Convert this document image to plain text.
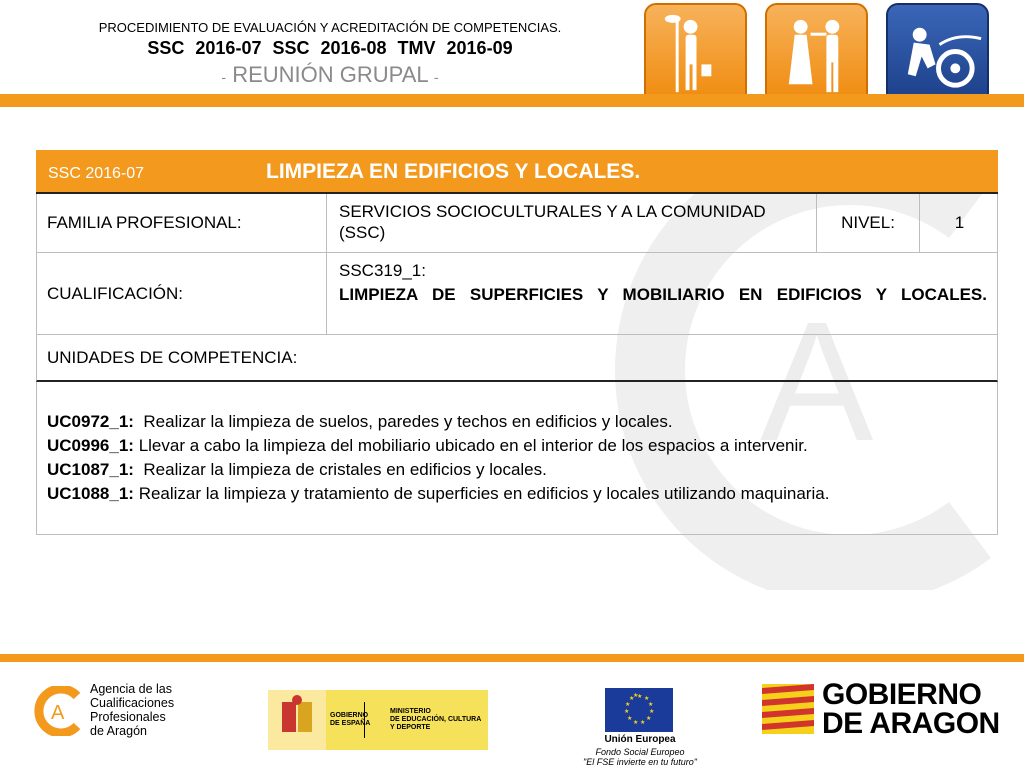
PROCEDIMIENTO DE EVALUACIÓN Y ACREDITACIÓN DE COMPETENCIAS.
SSC 2016-07 SSC 2016-08 TMV 2016-09
- REUNIÓN GRUPAL -
A
SSC 2016-07	LIMPIEZA EN EDIFICIOS Y LOCALES.
FAMILIA PROFESIONAL:
SERVICIOS SOCIOCULTURALES Y A LA COMUNIDAD (SSC)
NIVEL:	1
CUALIFICACIÓN:
SSC319_1:
LIMPIEZA DE SUPERFICIES Y MOBILIARIO EN EDIFICIOS Y LOCALES.
UNIDADES DE COMPETENCIA:
UC0972_1: Realizar la limpieza de suelos, paredes y techos en edificios y locales.
UC0996_1: Llevar a cabo la limpieza del mobiliario ubicado en el interior de los espacios a intervenir.
UC1087_1: Realizar la limpieza de cristales en edificios y locales.
UC1088_1: Realizar la limpieza y tratamiento de superficies en edificios y locales utilizando maquinaria.
A
Agencia de las
Cualificaciones
Profesionales
de Aragón
GOBIERNO
DE ESPAÑA
MINISTERIO
DE EDUCACIÓN, CULTURA
Y DEPORTE
★ ★
★
★
★
★
★
★
★
★
★
★
Unión Europea
Fondo Social Europeo
"El FSE invierte en tu futuro"
GOBIERNO
DE ARAGON
